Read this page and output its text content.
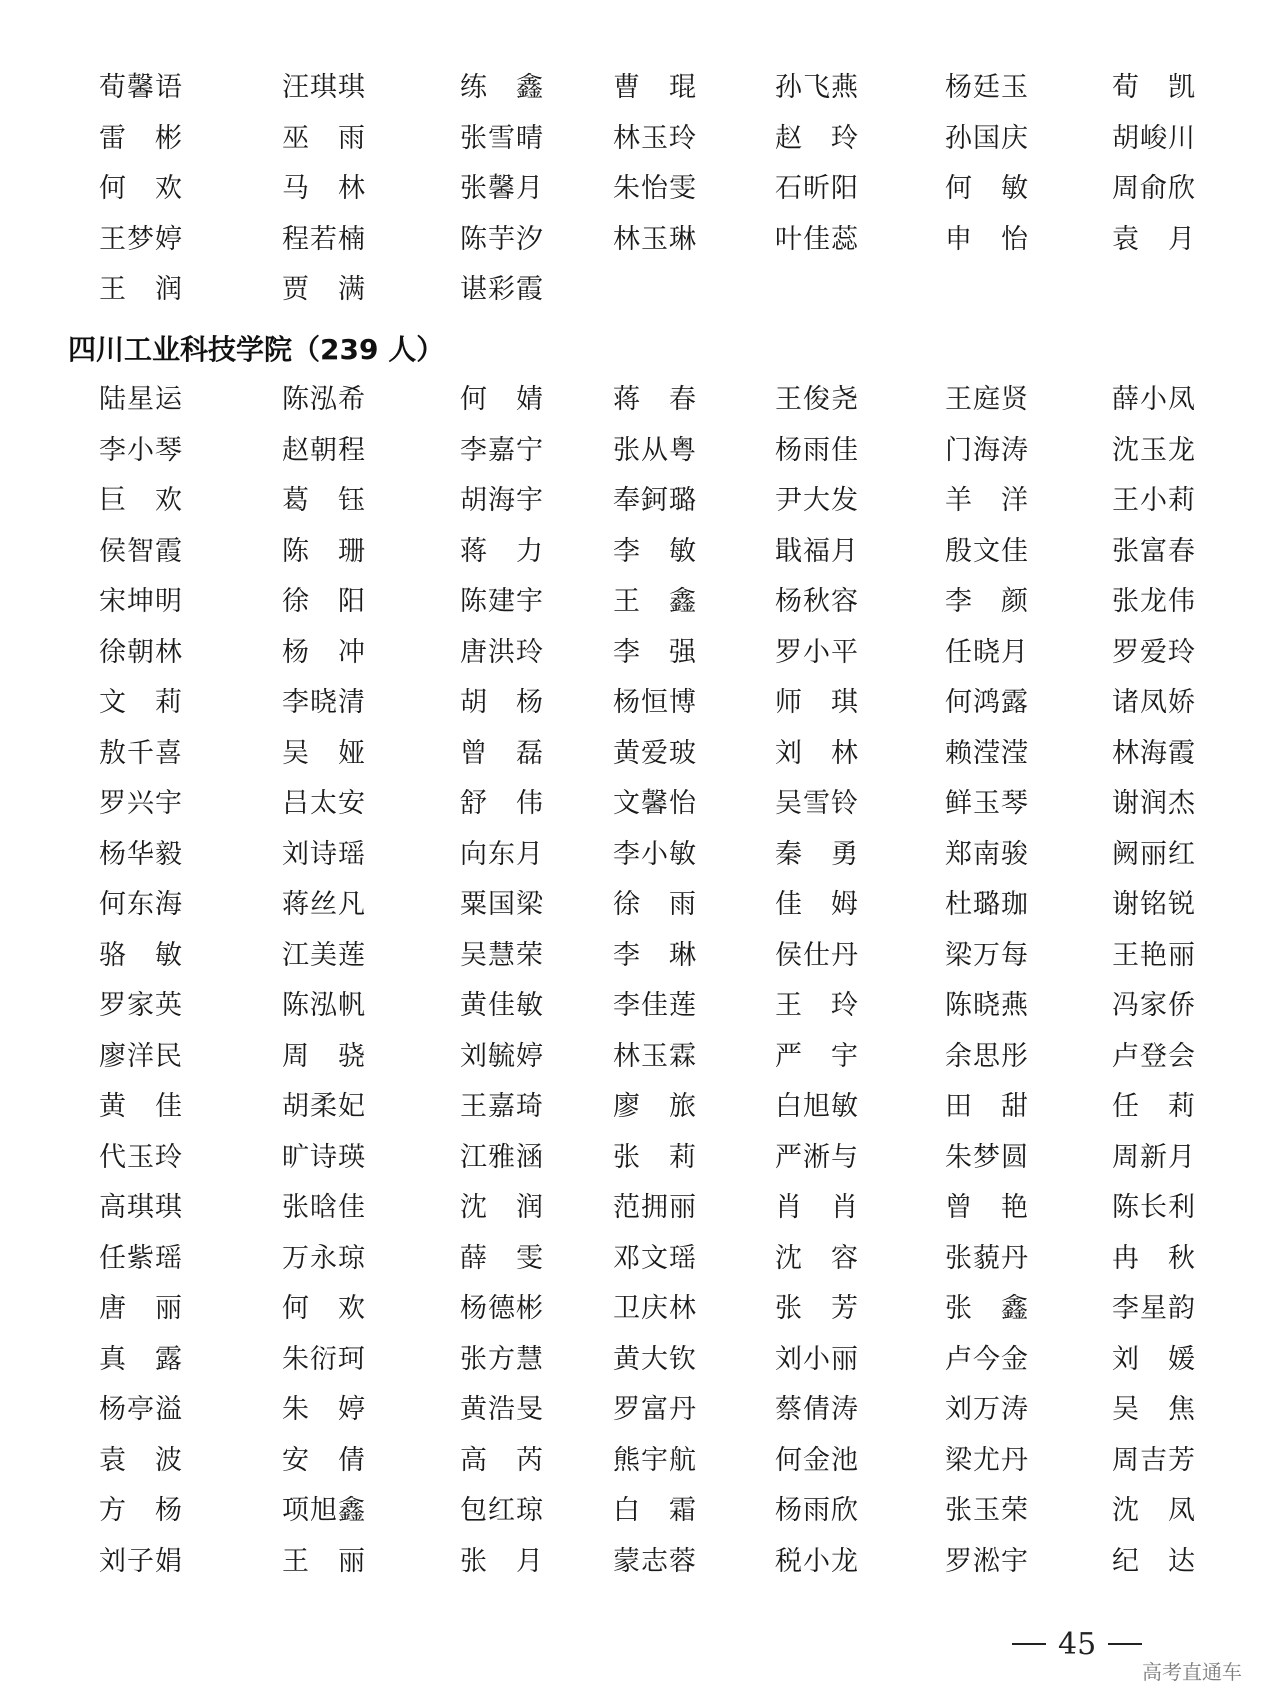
荀馨语	汪琪琪	练 鑫	曹 琨	孙飞燕	杨廷玉	荀 凯
雷 彬	巫 雨	张雪晴	林玉玲	赵 玲	孙国庆	胡峻川
何 欢	马 林	张馨月	朱怡雯	石昕阳	何 敏	周俞欣
王梦婷	程若楠	陈芋汐	林玉琳	叶佳蕊	申 怡	袁 月
王 润	贾 满	谌彩霞
四川工业科技学院（239 人）
陆星运	陈泓希	何 婧	蒋 春	王俊尧	王庭贤	薛小凤
李小琴	赵朝程	李嘉宁	张从粤	杨雨佳	门海涛	沈玉龙
巨 欢	葛 钰	胡海宇	奉鈳璐	尹大发	羊 洋	王小莉
侯智霞	陈 珊	蒋 力	李 敏	戢福月	殷文佳	张富春
宋坤明	徐 阳	陈建宇	王 鑫	杨秋容	李 颜	张龙伟
徐朝林	杨 冲	唐洪玲	李 强	罗小平	任晓月	罗爱玲
文 莉	李晓清	胡 杨	杨恒博	师 琪	何鸿露	诸凤娇
敖千喜	吴 娅	曾 磊	黄爱玻	刘 林	赖滢滢	林海霞
罗兴宇	吕太安	舒 伟	文馨怡	吴雪铃	鲜玉琴	谢润杰
杨华毅	刘诗瑶	向东月	李小敏	秦 勇	郑南骏	阙丽红
何东海	蒋丝凡	粟国梁	徐 雨	佳 姆	杜璐珈	谢铭锐
骆 敏	江美莲	吴慧荣	李 琳	侯仕丹	梁万每	王艳丽
罗家英	陈泓帆	黄佳敏	李佳莲	王 玲	陈晓燕	冯家侨
廖洋民	周 骁	刘毓婷	林玉霖	严 宇	余思彤	卢登会
黄 佳	胡柔妃	王嘉琦	廖 旅	白旭敏	田 甜	任 莉
代玉玲	旷诗瑛	江雅涵	张 莉	严淅与	朱梦圆	周新月
高琪琪	张晗佳	沈 润	范拥丽	肖 肖	曾 艳	陈长利
任紫瑶	万永琼	薛 雯	邓文瑶	沈 容	张藐丹	冉 秋
唐 丽	何 欢	杨德彬	卫庆林	张 芳	张 鑫	李星韵
真 露	朱衍珂	张方慧	黄大钦	刘小丽	卢今金	刘 媛
杨亭溢	朱 婷	黄浩旻	罗富丹	蔡倩涛	刘万涛	吴 焦
袁 波	安 倩	高 芮	熊宇航	何金池	梁尤丹	周吉芳
方 杨	项旭鑫	包红琼	白 霜	杨雨欣	张玉荣	沈 凤
刘子娟	王 丽	张 月	蒙志蓉	税小龙	罗淞宇	纪 达
45
高考直通车
